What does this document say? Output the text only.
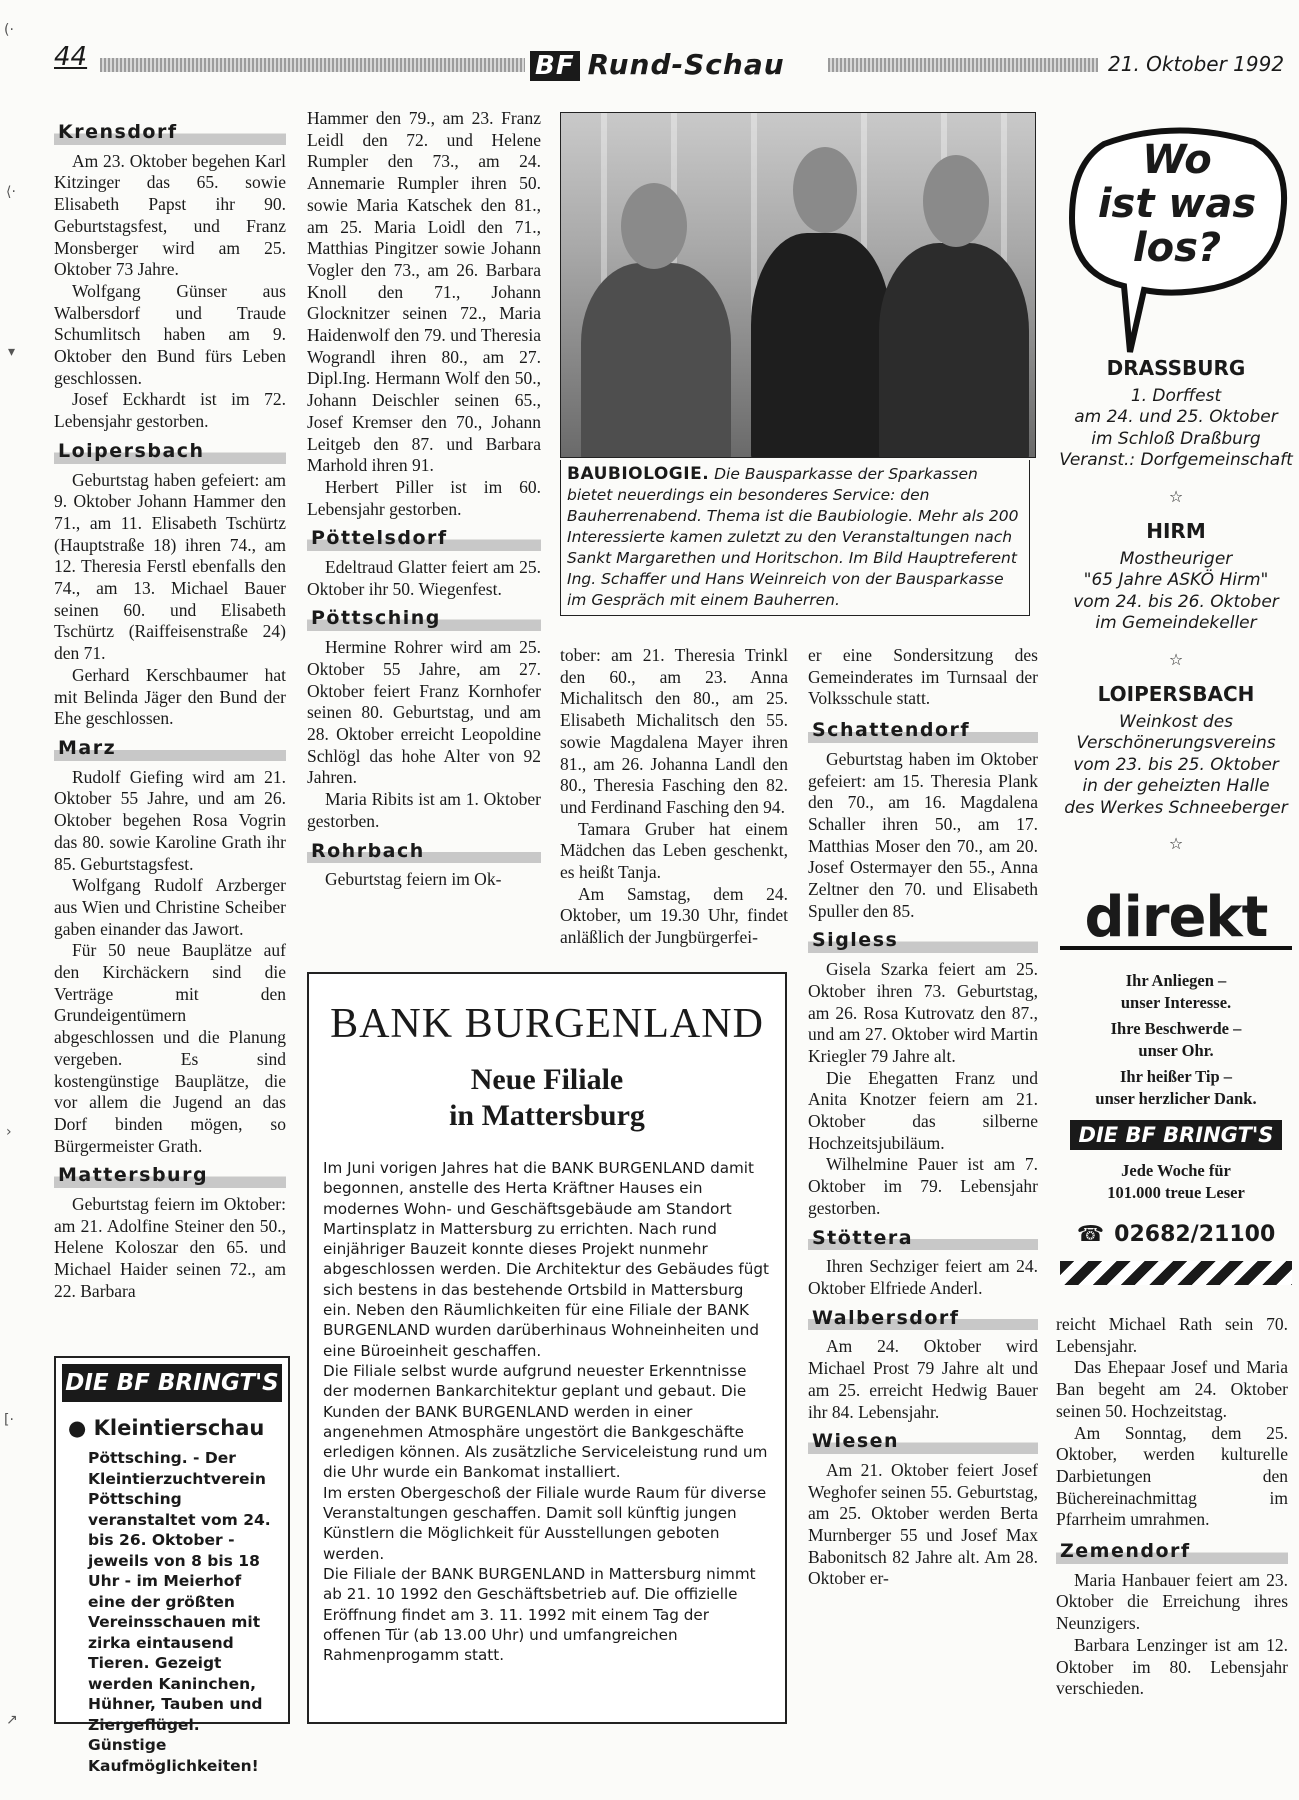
44	BF Rund-Schau	21. Oktober 1992
(·
⟨·
▾
›
[·
↗
Krensdorf

Am 23. Oktober begehen Karl Kitzinger das 65. sowie Elisabeth Papst ihr 90. Geburtstagsfest, und Franz Monsberger wird am 25. Oktober 73 Jahre.

Wolfgang Günser aus Walbersdorf und Traude Schumlitsch haben am 9. Oktober den Bund fürs Leben geschlossen.

Josef Eckhardt ist im 72. Lebensjahr gestorben.

Loipersbach

Geburtstag haben gefeiert: am 9. Oktober Johann Hammer den 71., am 11. Elisabeth Tschürtz (Hauptstraße 18) ihren 74., am 12. Theresia Ferstl ebenfalls den 74., am 13. Michael Bauer seinen 60. und Elisabeth Tschürtz (Raiffeisenstraße 24) den 71.

Gerhard Kerschbaumer hat mit Belinda Jäger den Bund der Ehe geschlossen.

Marz

Rudolf Giefing wird am 21. Oktober 55 Jahre, und am 26. Oktober begehen Rosa Vogrin das 80. sowie Karoline Grath ihr 85. Geburtstagsfest.

Wolfgang Rudolf Arzberger aus Wien und Christine Scheiber gaben einander das Jawort.

Für 50 neue Bauplätze auf den Kirchäckern sind die Verträge mit den Grundeigentümern abgeschlossen und die Planung vergeben. Es sind kostengünstige Bauplätze, die vor allem die Jugend an das Dorf binden mögen, so Bürgermeister Grath.

Mattersburg

Geburtstag feiern im Oktober: am 21. Adolfine Steiner den 50., Helene Koloszar den 65. und Michael Haider seinen 72., am 22. Barbara

DIE BF BRINGT'S
● Kleintierschau
Pöttsching. - Der Kleintierzuchtverein Pöttsching veranstaltet vom 24. bis 26. Oktober - jeweils von 8 bis 18 Uhr - im Meierhof eine der größten Vereinsschauen mit zirka eintausend Tieren. Gezeigt werden Kaninchen, Hühner, Tauben und Ziergeflügel. Günstige Kaufmöglichkeiten!

Hammer den 79., am 23. Franz Leidl den 72. und Helene Rumpler den 73., am 24. Annemarie Rumpler ihren 50. sowie Maria Katschek den 81., am 25. Maria Loidl den 71., Matthias Pingitzer sowie Johann Vogler den 73., am 26. Barbara Knoll den 71., Johann Glocknitzer seinen 72., Maria Haidenwolf den 79. und Theresia Wograndl ihren 80., am 27. Dipl.Ing. Hermann Wolf den 50., Johann Deischler seinen 65., Josef Kremser den 70., Johann Leitgeb den 87. und Barbara Marhold ihren 91.

Herbert Piller ist im 60. Lebensjahr gestorben.

Pöttelsdorf

Edeltraud Glatter feiert am 25. Oktober ihr 50. Wiegenfest.

Pöttsching

Hermine Rohrer wird am 25. Oktober 55 Jahre, am 27. Oktober feiert Franz Kornhofer seinen 80. Geburtstag, und am 28. Oktober erreicht Leopoldine Schlögl das hohe Alter von 92 Jahren.

Maria Ribits ist am 1. Oktober gestorben.

Rohrbach

Geburtstag feiern im Ok-

BAUBIOLOGIE. Die Bausparkasse der Sparkassen bietet neuerdings ein besonderes Service: den Bauherrenabend. Thema ist die Baubiologie. Mehr als 200 Interessierte kamen zuletzt zu den Veranstaltungen nach Sankt Margarethen und Horitschon. Im Bild Hauptreferent Ing. Schaffer und Hans Weinreich von der Bausparkasse im Gespräch mit einem Bauherren.

tober: am 21. Theresia Trinkl den 60., am 23. Anna Michalitsch den 80., am 25. Elisabeth Michalitsch den 55. sowie Magdalena Mayer ihren 81., am 26. Johanna Landl den 80., Theresia Fasching den 82. und Ferdinand Fasching den 94.

Tamara Gruber hat einem Mädchen das Leben geschenkt, es heißt Tanja.

Am Samstag, dem 24. Oktober, um 19.30 Uhr, findet anläßlich der Jungbürgerfei-

er eine Sondersitzung des Gemeinderates im Turnsaal der Volksschule statt.

Schattendorf

Geburtstag haben im Oktober gefeiert: am 15. Theresia Plank den 70., am 16. Magdalena Schaller ihren 50., am 17. Matthias Moser den 70., am 20. Josef Ostermayer den 55., Anna Zeltner den 70. und Elisabeth Spuller den 85.

Sigless

Gisela Szarka feiert am 25. Oktober ihren 73. Geburtstag, am 26. Rosa Kutrovatz den 87., und am 27. Oktober wird Martin Kriegler 79 Jahre alt.

Die Ehegatten Franz und Anita Knotzer feiern am 21. Oktober das silberne Hochzeitsjubiläum.

Wilhelmine Pauer ist am 7. Oktober im 79. Lebensjahr gestorben.

Stöttera

Ihren Sechziger feiert am 24. Oktober Elfriede Anderl.

Walbersdorf

Am 24. Oktober wird Michael Prost 79 Jahre alt und am 25. erreicht Hedwig Bauer ihr 84. Lebensjahr.

Wiesen

Am 21. Oktober feiert Josef Weghofer seinen 55. Geburtstag, am 25. Oktober werden Berta Murnberger 55 und Josef Max Babonitsch 82 Jahre alt. Am 28. Oktober er-

BANK BURGENLAND
Neue Filiale
in Mattersburg
Im Juni vorigen Jahres hat die BANK BURGENLAND damit begonnen, anstelle des Herta Kräftner Hauses ein modernes Wohn- und Geschäftsgebäude am Standort Martinsplatz in Mattersburg zu errichten. Nach rund einjähriger Bauzeit konnte dieses Projekt nunmehr abgeschlossen werden. Die Architektur des Gebäudes fügt sich bestens in das bestehende Ortsbild in Mattersburg ein. Neben den Räumlichkeiten für eine Filiale der BANK BURGENLAND wurden darüberhinaus Wohneinheiten und eine Büroeinheit geschaffen.
Die Filiale selbst wurde aufgrund neuester Erkenntnisse der modernen Bankarchitektur geplant und gebaut. Die Kunden der BANK BURGENLAND werden in einer angenehmen Atmosphäre ungestört die Bankgeschäfte erledigen können. Als zusätzliche Serviceleistung rund um die Uhr wurde ein Bankomat installiert.
Im ersten Obergeschoß der Filiale wurde Raum für diverse Veranstaltungen geschaffen. Damit soll künftig jungen Künstlern die Möglichkeit für Ausstellungen geboten werden.
Die Filiale der BANK BURGENLAND in Mattersburg nimmt ab 21. 10 1992 den Geschäftsbetrieb auf. Die offizielle Eröffnung findet am 3. 11. 1992 mit einem Tag der offenen Tür (ab 13.00 Uhr) und umfangreichen Rahmenprogamm statt.
Wo
ist was
los?
DRASSBURG
1. Dorffest
am 24. und 25. Oktober
im Schloß Draßburg
Veranst.: Dorfgemeinschaft
☆
HIRM
Mostheuriger
"65 Jahre ASKÖ Hirm"
vom 24. bis 26. Oktober
im Gemeindekeller
☆
LOIPERSBACH
Weinkost des
Verschönerungsvereins
vom 23. bis 25. Oktober
in der geheizten Halle
des Werkes Schneeberger
☆
direkt
Ihr Anliegen –
unser Interesse.
Ihre Beschwerde –
unser Ohr.
Ihr heißer Tip –
unser herzlicher Dank.
DIE BF BRINGT'S
Jede Woche für
101.000 treue Leser
☎ 02682/21100

reicht Michael Rath sein 70. Lebensjahr.

Das Ehepaar Josef und Maria Ban begeht am 24. Oktober seinen 50. Hochzeitstag.

Am Sonntag, dem 25. Oktober, werden kulturelle Darbietungen den Büchereinachmittag im Pfarrheim umrahmen.

Zemendorf

Maria Hanbauer feiert am 23. Oktober die Erreichung ihres Neunzigers.

Barbara Lenzinger ist am 12. Oktober im 80. Lebensjahr verschieden.
